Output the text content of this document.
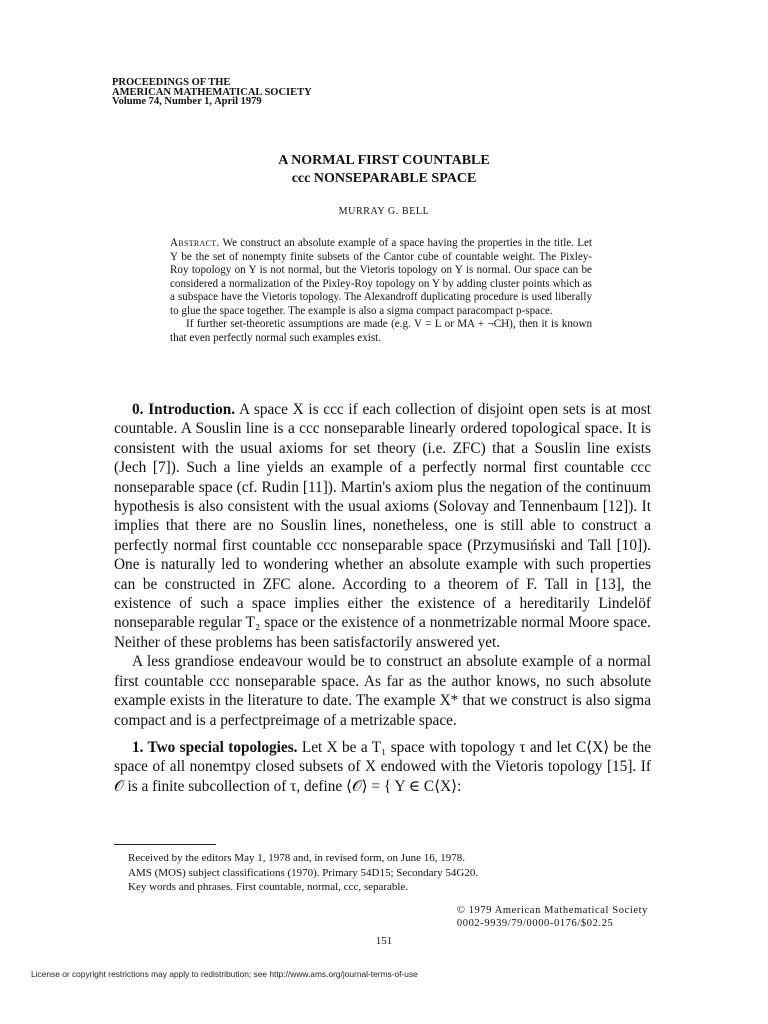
PROCEEDINGS OF THE
AMERICAN MATHEMATICAL SOCIETY
Volume 74, Number 1, April 1979
A NORMAL FIRST COUNTABLE
ccc NONSEPARABLE SPACE
MURRAY G. BELL

Abstract. We construct an absolute example of a space having the properties in the title. Let Y be the set of nonempty finite subsets of the Cantor cube of countable weight. The Pixley-Roy topology on Y is not normal, but the Vietoris topology on Y is normal. Our space can be considered a normalization of the Pixley-Roy topology on Y by adding cluster points which as a subspace have the Vietoris topology. The Alexandroff duplicating procedure is used liberally to glue the space together. The example is also a sigma compact paracompact p-space.

If further set-theoretic assumptions are made (e.g. V = L or MA + ¬CH), then it is known that even perfectly normal such examples exist.

0. Introduction. A space X is ccc if each collection of disjoint open sets is at most countable. A Souslin line is a ccc nonseparable linearly ordered topological space. It is consistent with the usual axioms for set theory (i.e. ZFC) that a Souslin line exists (Jech [7]). Such a line yields an example of a perfectly normal first countable ccc nonseparable space (cf. Rudin [11]). Martin's axiom plus the negation of the continuum hypothesis is also consistent with the usual axioms (Solovay and Tennenbaum [12]). It implies that there are no Souslin lines, nonetheless, one is still able to construct a perfectly normal first countable ccc nonseparable space (Przymusiński and Tall [10]). One is naturally led to wondering whether an absolute example with such properties can be constructed in ZFC alone. According to a theorem of F. Tall in [13], the existence of such a space implies either the existence of a hereditarily Lindelöf nonseparable regular T₂ space or the existence of a nonmetrizable normal Moore space. Neither of these problems has been satisfactorily answered yet.

A less grandiose endeavour would be to construct an absolute example of a normal first countable ccc nonseparable space. As far as the author knows, no such absolute example exists in the literature to date. The example X* that we construct is also sigma compact and is a perfectpreimage of a metrizable space.

1. Two special topologies. Let X be a T₁ space with topology τ and let C⟨X⟩ be the space of all nonemtpy closed subsets of X endowed with the Vietoris topology [15]. If 𝒪 is a finite subcollection of τ, define ⟨𝒪⟩ = { Y ∈ C⟨X⟩:

Received by the editors May 1, 1978 and, in revised form, on June 16, 1978.
AMS (MOS) subject classifications (1970). Primary 54D15; Secondary 54G20.
Key words and phrases. First countable, normal, ccc, separable.
© 1979 American Mathematical Society
0002-9939/79/0000-0176/$02.25
151
License or copyright restrictions may apply to redistribution; see http://www.ams.org/journal-terms-of-use
